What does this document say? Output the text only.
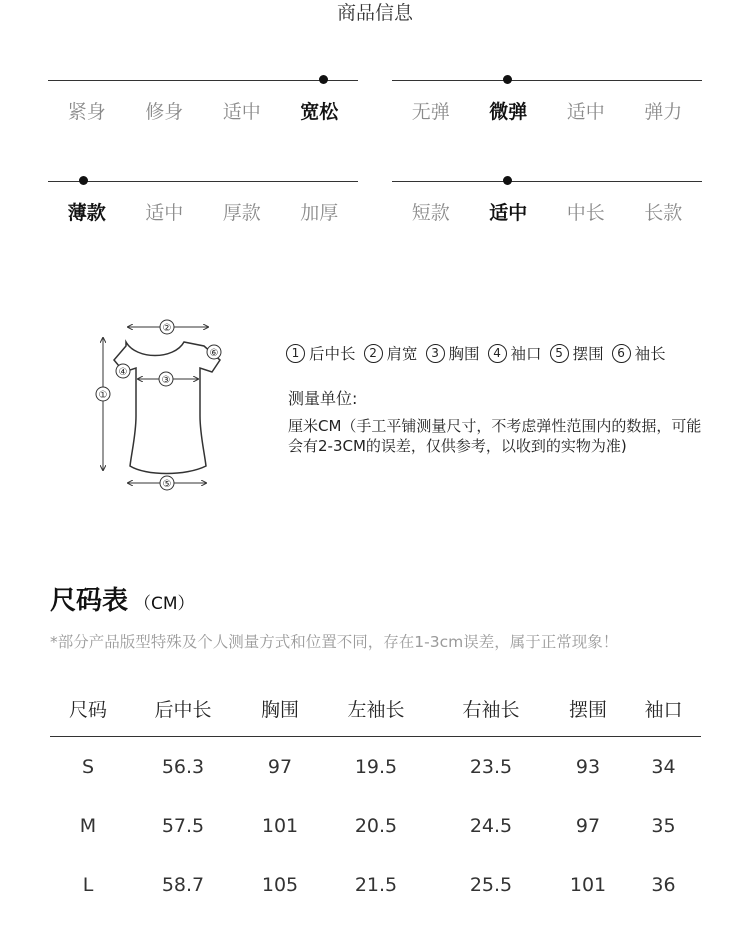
商品信息
紧身	修身	适中	宽松	无弹	微弹	适中	弹力
薄款	适中	厚款	加厚	短款	适中	中长	长款
②
①
③
④
⑤
⑥	1 后中长	2 肩宽	3 胸围	4 袖口	5 摆围	6 袖长
测量单位:
厘米CM（手工平铺测量尺寸，不考虑弹性范围内的数据，可能会有2-3CM的误差，仅供参考，以收到的实物为准)
尺码表 （CM）
*部分产品版型特殊及个人测量方式和位置不同，存在1-3cm误差，属于正常现象！
尺码	后中长	胸围	左袖长	右袖长	摆围	袖口
S	56.3	97	19.5	23.5	93	34
M	57.5	101	20.5	24.5	97	35
L	58.7	105	21.5	25.5	101	36
